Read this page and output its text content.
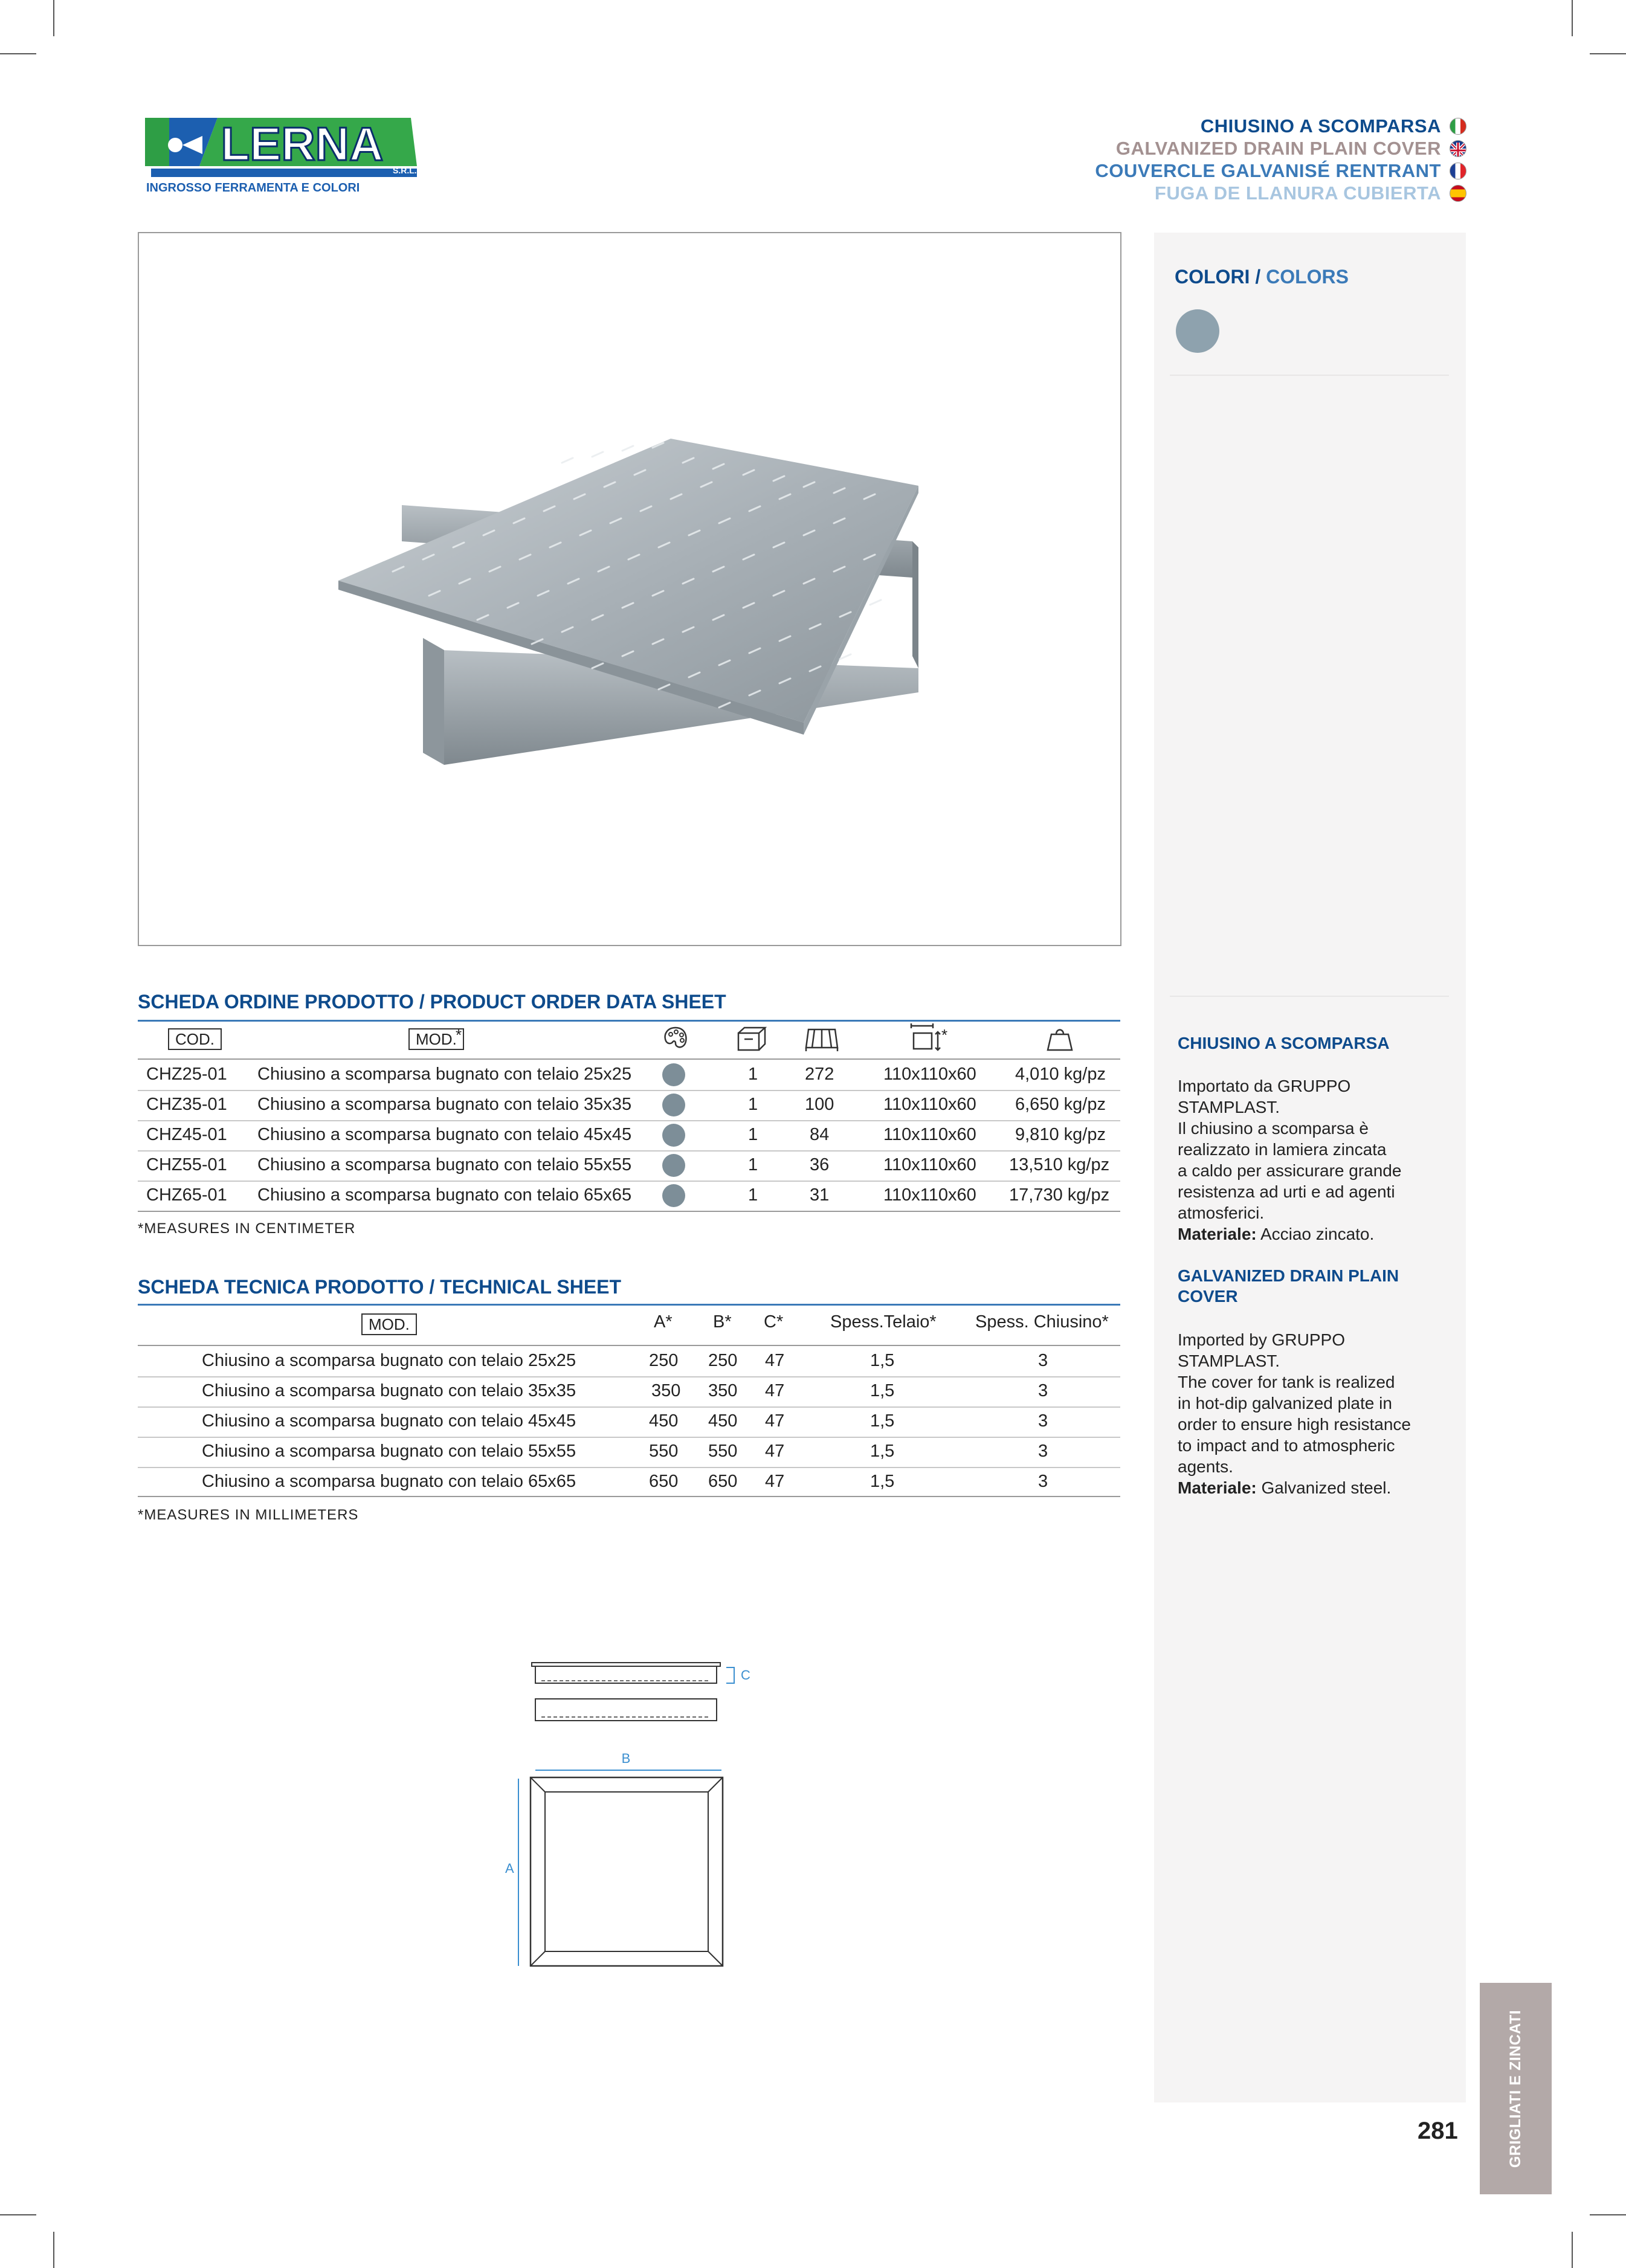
LERNA S.R.L.
INGROSSO FERRAMENTA E COLORI
CHIUSINO A SCOMPARSA
GALVANIZED DRAIN PLAIN COVER
COUVERCLE GALVANISÉ RENTRANT
FUGA DE LLANURA CUBIERTA
COLORI / COLORS
CHIUSINO A SCOMPARSA
Importato da GRUPPO
STAMPLAST.
Il chiusino a scomparsa è
realizzato in lamiera zincata
a caldo per assicurare grande
resistenza ad urti e ad agenti
atmosferici.
Materiale: Acciao zincato.
GALVANIZED DRAIN PLAIN
COVER
Imported by GRUPPO
STAMPLAST.
The cover for tank is realized
in hot-dip galvanized plate in
order to ensure high resistance
to impact and to atmospheric
agents.
Materiale: Galvanized steel.
GRIGLIATI E ZINCATI
281
SCHEDA ORDINE PRODOTTO / PRODUCT ORDER DATA SHEET
COD.	MOD.
*	*
CHZ25-01 Chiusino a scomparsa bugnato con telaio 25x25	1	272	110x110x60 4,010 kg/pz
CHZ35-01 Chiusino a scomparsa bugnato con telaio 35x35	1	100	110x110x60 6,650 kg/pz
CHZ45-01 Chiusino a scomparsa bugnato con telaio 45x45	1	84	110x110x60 9,810 kg/pz
CHZ55-01 Chiusino a scomparsa bugnato con telaio 55x55	1	36	110x110x60 13,510 kg/pz
CHZ65-01 Chiusino a scomparsa bugnato con telaio 65x65	1	31	110x110x60 17,730 kg/pz
*MEASURES IN CENTIMETER
SCHEDA TECNICA PRODOTTO / TECHNICAL SHEET
MOD.	A* B* C*	Spess.Telaio* Spess. Chiusino*
Chiusino a scomparsa bugnato con telaio 25x25	250 250 47	1,5	3
Chiusino a scomparsa bugnato con telaio 35x35	350 350 47	1,5	3
Chiusino a scomparsa bugnato con telaio 45x45	450 450 47	1,5	3
Chiusino a scomparsa bugnato con telaio 55x55	550 550 47	1,5	3
Chiusino a scomparsa bugnato con telaio 65x65	650 650 47	1,5	3
*MEASURES IN MILLIMETERS
C
B
A
